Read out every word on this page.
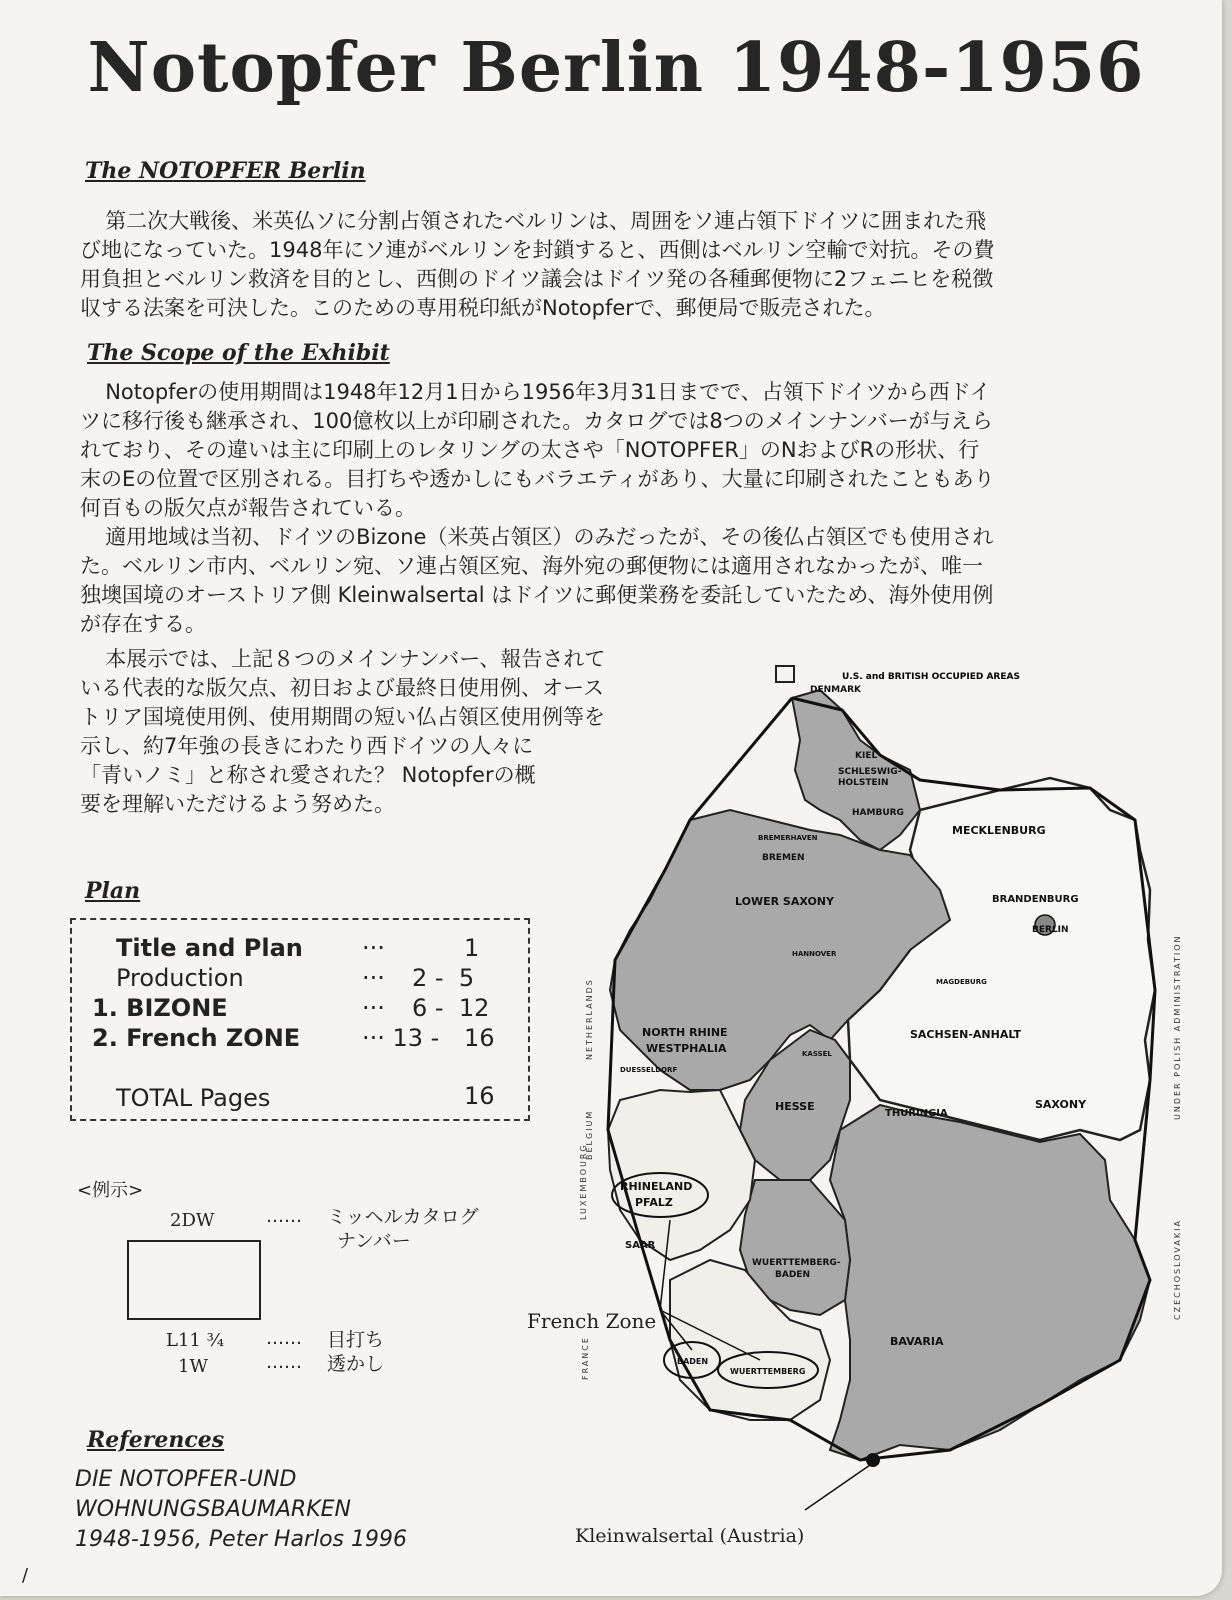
Notopfer Berlin 1948-1956
The NOTOPFER Berlin
第二次大戦後、米英仏ソに分割占領されたベルリンは、周囲をソ連占領下ドイツに囲まれた飛
び地になっていた。1948年にソ連がベルリンを封鎖すると、西側はベルリン空輸で対抗。その費
用負担とベルリン救済を目的とし、西側のドイツ議会はドイツ発の各種郵便物に2フェニヒを税徴
収する法案を可決した。このための専用税印紙がNotopferで、郵便局で販売された。
The Scope of the Exhibit
Notopferの使用期間は1948年12月1日から1956年3月31日までで、占領下ドイツから西ドイ
ツに移行後も継承され、100億枚以上が印刷された。カタログでは8つのメインナンバーが与えら
れており、その違いは主に印刷上のレタリングの太さや「NOTOPFER」のNおよびRの形状、行
末のEの位置で区別される。目打ちや透かしにもバラエティがあり、大量に印刷されたこともあり
何百もの版欠点が報告されている。
適用地域は当初、ドイツのBizone（米英占領区）のみだったが、その後仏占領区でも使用され
た。ベルリン市内、ベルリン宛、ソ連占領区宛、海外宛の郵便物には適用されなかったが、唯一
独墺国境のオーストリア側 Kleinwalsertal はドイツに郵便業務を委託していたため、海外使用例
が存在する。
本展示では、上記８つのメインナンバー、報告されて
いる代表的な版欠点、初日および最終日使用例、オース
トリア国境使用例、使用期間の短い仏占領区使用例等を
示し、約7年強の長きにわたり西ドイツの人々に
「青いノミ」と称され愛された？ Notopferの概
要を理解いただけるよう努めた。
Plan
Title and Plan ···	1
Production	··· 2 -  5
1. BIZONE	··· 6 -  12
2. French ZONE	··· 13 - 16
TOTAL Pages	16
<例示>
2DW	…… ミッヘルカタログ
ナンバー
L11 ¾ …… 目打ち
1W	…… 透かし
References
DIE NOTOPFER-UND
WOHNUNGSBAUMARKEN
1948-1956, Peter Harlos 1996
/
U.S. and BRITISH OCCUPIED AREAS
DENMARK
KIEL
SCHLESWIG-
HOLSTEIN
HAMBURG
BREMERHAVEN
BREMEN
LOWER SAXONY
MECKLENBURG
BRANDENBURG
BERLIN
HANNOVER
NORTH RHINE
WESTPHALIA
DUESSELDORF
SACHSEN-ANHALT
MAGDEBURG
HESSE
KASSEL
THURINGIA
SAXONY
RHINELAND
PFALZ
SAAR
WUERTTEMBERG-
BADEN
BAVARIA
BADEN
WUERTTEMBERG
NETHERLANDS
BELGIUM
LUXEMBOURG
FRANCE
CZECHOSLOVAKIA
UNDER POLISH ADMINISTRATION
French Zone
Kleinwalsertal (Austria)
